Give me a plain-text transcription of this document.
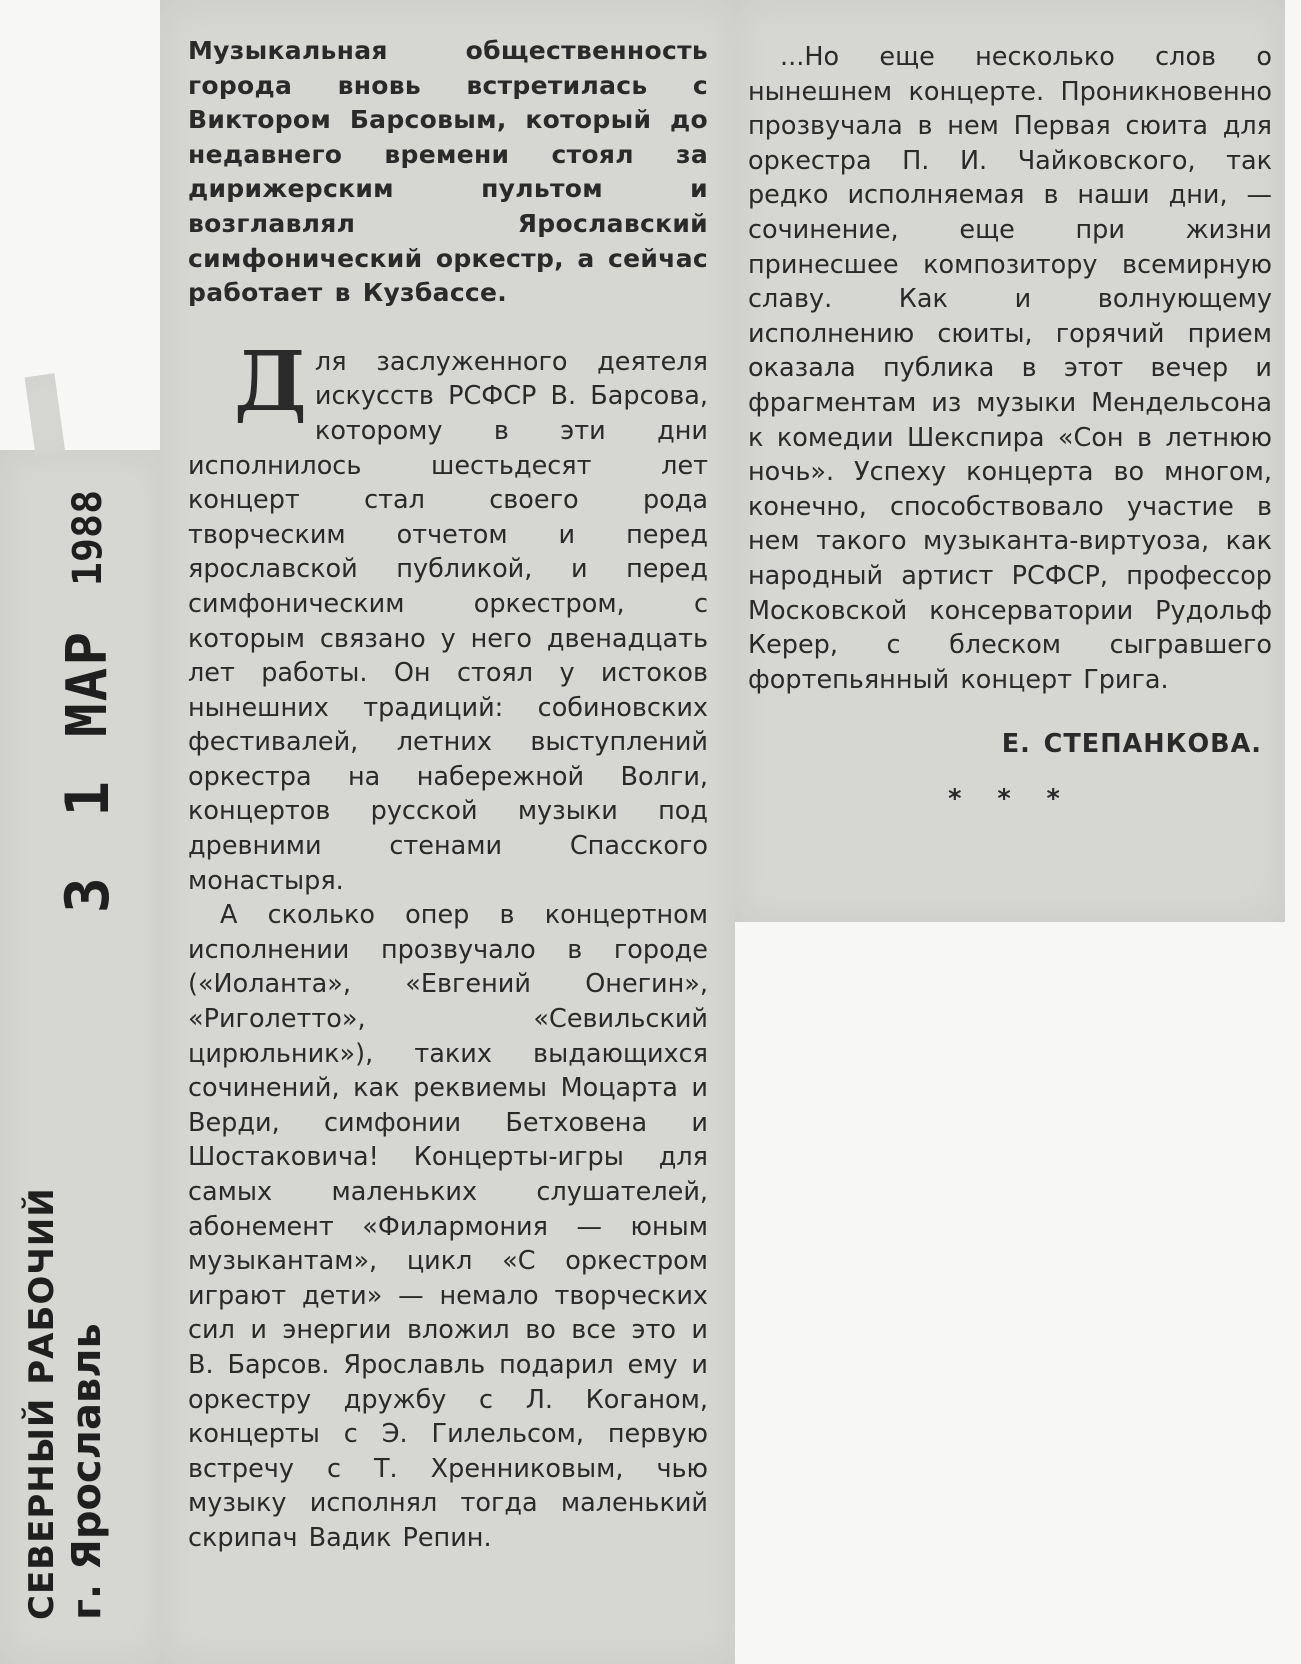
1988
МАР
3 1
СЕВЕРНЫЙ РАБОЧИЙ г. Ярославль

Музыкальная общественность города вновь встретилась с Виктором Барсовым, который до недавнего времени стоял за дирижерским пультом и возглавлял Ярославский симфонический оркестр, а сейчас работает в Кузбассе.

Для заслуженного деятеля искусств РСФСР В. Барсова, которому в эти дни исполнилось шестьдесят лет концерт стал своего рода творческим отчетом и перед ярославской публикой, и перед симфоническим оркестром, с которым связано у него двенадцать лет работы. Он стоял у истоков нынешних традиций: собиновских фестивалей, летних выступлений оркестра на набережной Волги, концертов русской музыки под древними стенами Спасского монастыря.

А сколько опер в концертном исполнении прозвучало в городе («Иоланта», «Евгений Онегин», «Риголетто», «Севильский цирюльник»), таких выдающихся сочинений, как реквиемы Моцарта и Верди, симфонии Бетховена и Шостаковича! Концерты-игры для самых маленьких слушателей, абонемент «Филармония — юным музыкантам», цикл «С оркестром играют дети» — немало творческих сил и энергии вложил во все это и В. Барсов. Ярославль подарил ему и оркестру дружбу с Л. Коганом, концерты с Э. Гилельсом, первую встречу с Т. Хренниковым, чью музыку исполнял тогда маленький скрипач Вадик Репин.

...Но еще несколько слов о нынешнем концерте. Проникновенно прозвучала в нем Первая сюита для оркестра П. И. Чайковского, так редко исполняемая в наши дни, — сочинение, еще при жизни принесшее композитору всемирную славу. Как и волнующему исполнению сюиты, горячий прием оказала публика в этот вечер и фрагментам из музыки Мендельсона к комедии Шекспира «Сон в летнюю ночь». Успеху концерта во многом, конечно, способствовало участие в нем такого музыканта-виртуоза, как народный артист РСФСР, профессор Московской консерватории Рудольф Керер, с блеском сыгравшего фортепьянный концерт Грига.

Е. СТЕПАНКОВА.

* * *
